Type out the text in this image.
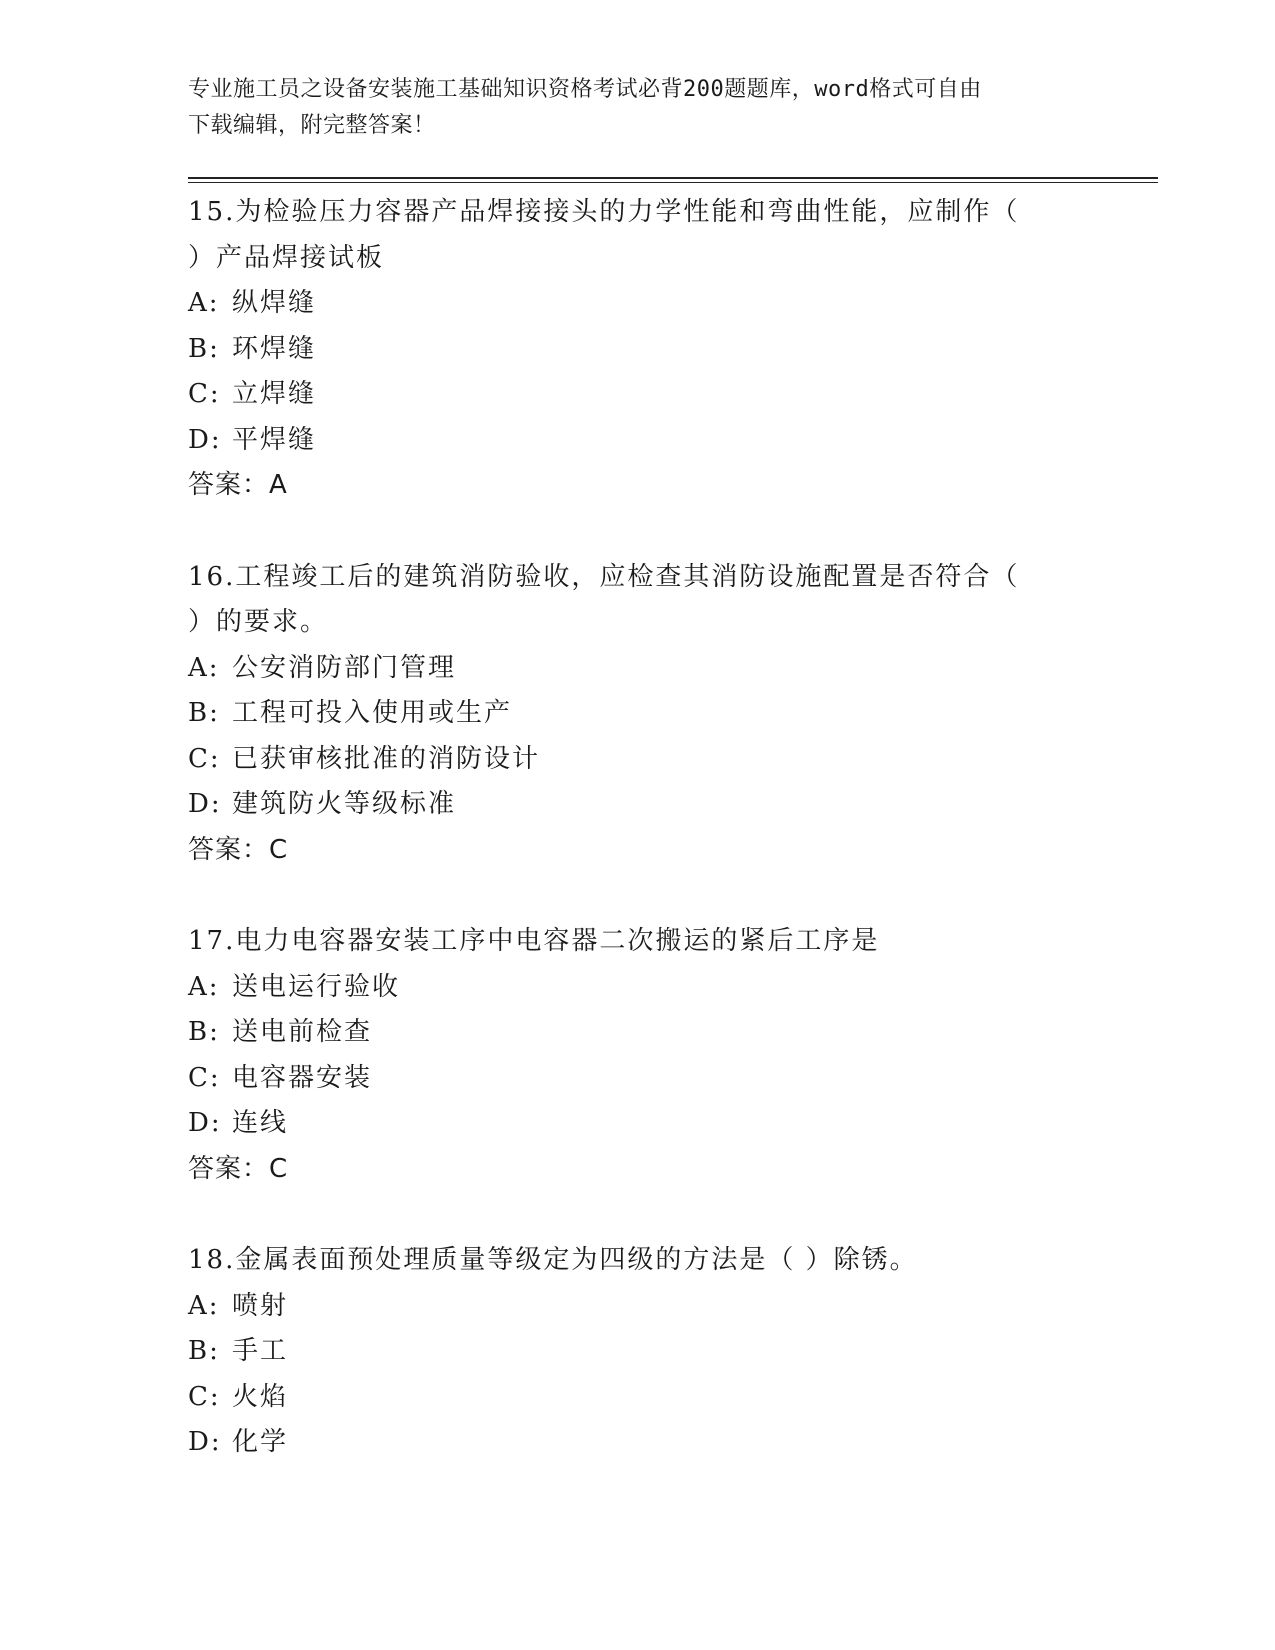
专业施工员之设备安装施工基础知识资格考试必背200题题库，word格式可自由
下载编辑，附完整答案！

15.为检验压力容器产品焊接接头的力学性能和弯曲性能，应制作（

）产品焊接试板

A: 纵焊缝

B: 环焊缝

C: 立焊缝

D: 平焊缝

答案：A

16.工程竣工后的建筑消防验收，应检查其消防设施配置是否符合（

）的要求。

A: 公安消防部门管理

B: 工程可投入使用或生产

C: 已获审核批准的消防设计

D: 建筑防火等级标准

答案：C

17.电力电容器安装工序中电容器二次搬运的紧后工序是

A: 送电运行验收

B: 送电前检查

C: 电容器安装

D: 连线

答案：C

18.金属表面预处理质量等级定为四级的方法是（ ）除锈。

A: 喷射

B: 手工

C: 火焰

D: 化学
